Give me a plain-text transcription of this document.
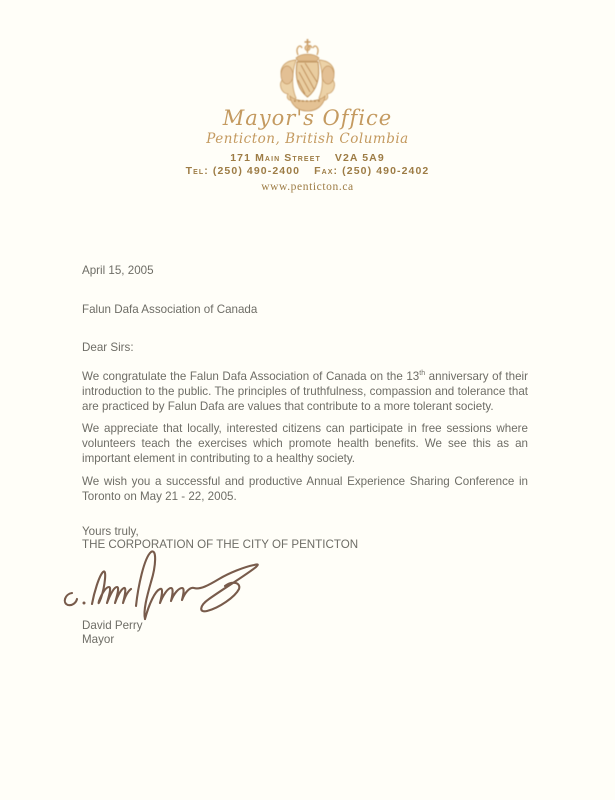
Mayor's Office
Penticton, British Columbia
171 Main Street V2A 5A9
Tel: (250) 490-2400 Fax: (250) 490-2402
www.penticton.ca
April 15, 2005
Falun Dafa Association of Canada
Dear Sirs:
We congratulate the Falun Dafa Association of Canada on the 13th anniversary of their
introduction to the public. The principles of truthfulness, compassion and tolerance that
are practiced by Falun Dafa are values that contribute to a more tolerant society.
We appreciate that locally, interested citizens can participate in free sessions where
volunteers teach the exercises which promote health benefits. We see this as an
important element in contributing to a healthy society.
We wish you a successful and productive Annual Experience Sharing Conference in
Toronto on May 21 - 22, 2005.
Yours truly,
THE CORPORATION OF THE CITY OF PENTICTON
David Perry
Mayor
